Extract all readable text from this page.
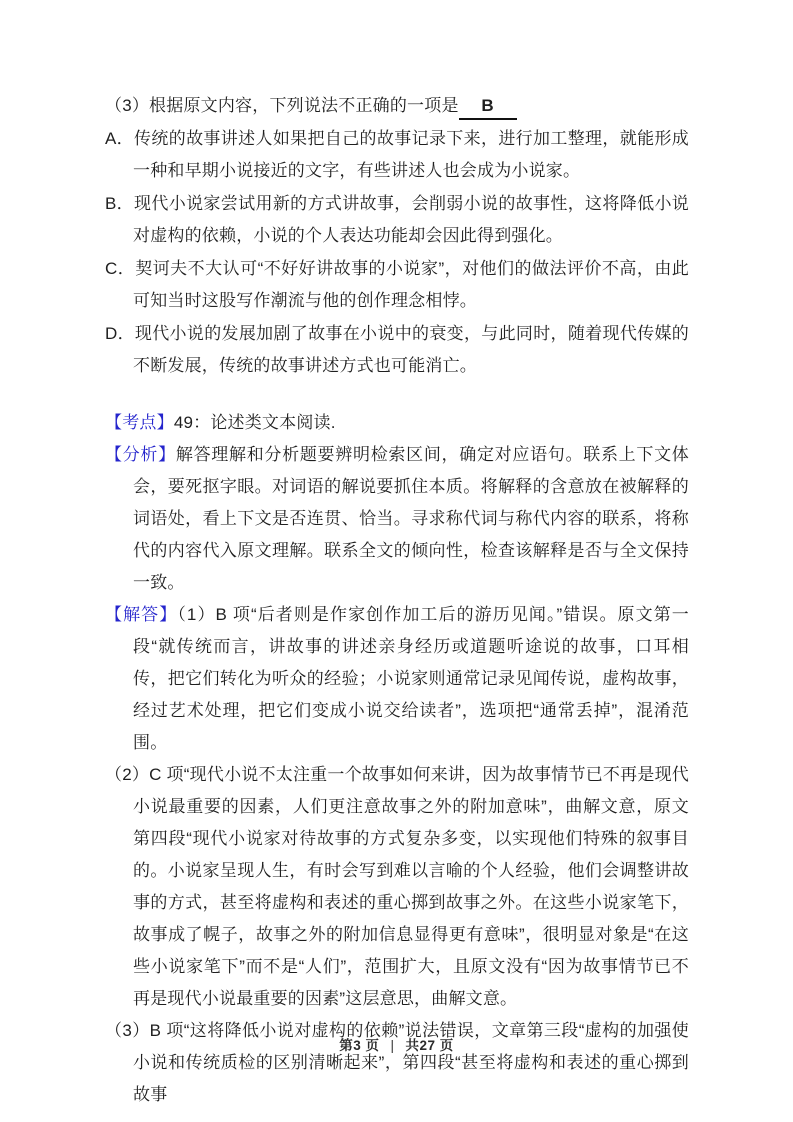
（3）根据原文内容，下列说法不正确的一项是 B

A．传统的故事讲述人如果把自己的故事记录下来，进行加工整理，就能形成一种和早期小说接近的文字，有些讲述人也会成为小说家。

B．现代小说家尝试用新的方式讲故事，会削弱小说的故事性，这将降低小说对虚构的依赖，小说的个人表达功能却会因此得到强化。

C．契诃夫不大认可“不好好讲故事的小说家”，对他们的做法评价不高，由此可知当时这股写作潮流与他的创作理念相悖。

D．现代小说的发展加剧了故事在小说中的衰变，与此同时，随着现代传媒的不断发展，传统的故事讲述方式也可能消亡。

【考点】49：论述类文本阅读.

【分析】解答理解和分析题要辨明检索区间，确定对应语句。联系上下文体会，要死抠字眼。对词语的解说要抓住本质。将解释的含意放在被解释的词语处，看上下文是否连贯、恰当。寻求称代词与称代内容的联系，将称代的内容代入原文理解。联系全文的倾向性，检查该解释是否与全文保持一致。

【解答】（1）B 项“后者则是作家创作加工后的游历见闻。”错误。原文第一段“就传统而言，讲故事的讲述亲身经历或道题听途说的故事，口耳相传，把它们转化为听众的经验；小说家则通常记录见闻传说，虚构故事，经过艺术处理，把它们变成小说交给读者”，选项把“通常丢掉”，混淆范围。

（2）C 项“现代小说不太注重一个故事如何来讲，因为故事情节已不再是现代小说最重要的因素，人们更注意故事之外的附加意味”，曲解文意，原文第四段“现代小说家对待故事的方式复杂多变，以实现他们特殊的叙事目的。小说家呈现人生，有时会写到难以言喻的个人经验，他们会调整讲故事的方式，甚至将虚构和表述的重心掷到故事之外。在这些小说家笔下，故事成了幌子，故事之外的附加信息显得更有意味”，很明显对象是“在这些小说家笔下”而不是“人们”，范围扩大，且原文没有“因为故事情节已不再是现代小说最重要的因素”这层意思，曲解文意。

（3）B 项“这将降低小说对虚构的依赖”说法错误，文章第三段“虚构的加强使小说和传统质检的区别清晰起来”，第四段“甚至将虚构和表述的重心掷到故事

第3 页 | 共27 页
